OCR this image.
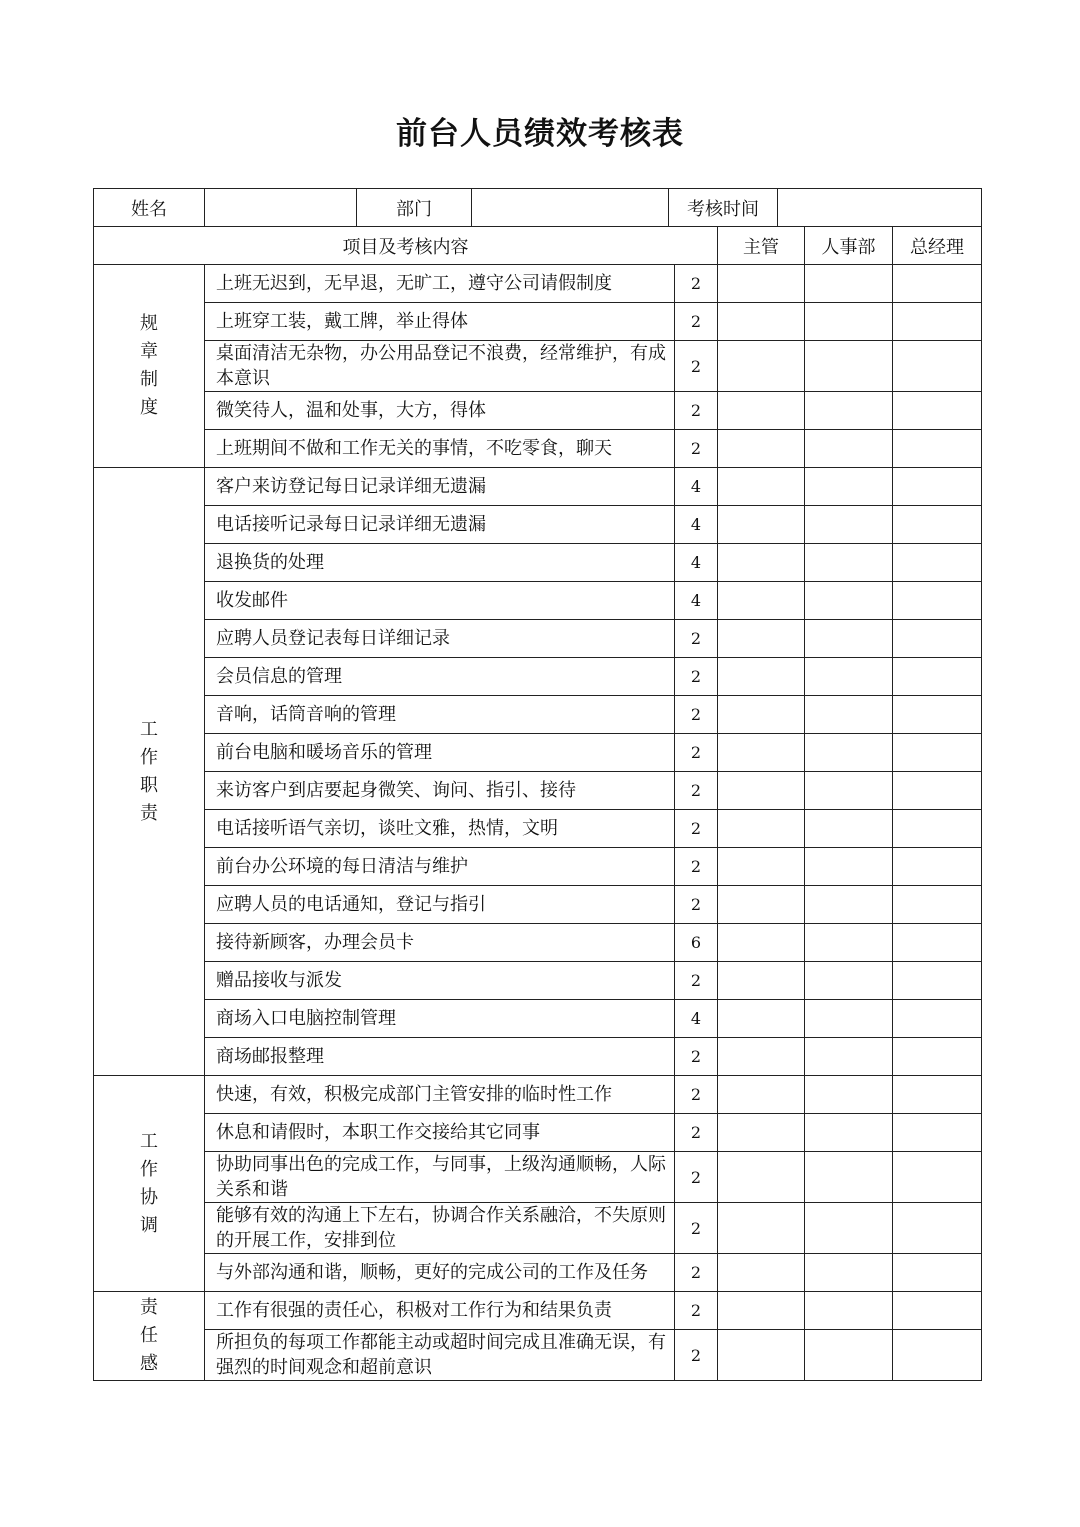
前台人员绩效考核表
姓名		部门		考核时间	
项目及考核内容			主管	人事部	总经理

规
章
制
度	上班无迟到，无早退，无旷工，遵守公司请假制度	2			
	上班穿工装，戴工牌，举止得体	2			
	桌面清洁无杂物，办公用品登记不浪费，经常维护，有成本意识	2			
	微笑待人，温和处事，大方，得体	2			
	上班期间不做和工作无关的事情，不吃零食，聊天	2			

工
作
职
责	客户来访登记每日记录详细无遗漏	4			
	电话接听记录每日记录详细无遗漏	4			
	退换货的处理	4			
	收发邮件	4			
	应聘人员登记表每日详细记录	2			
	会员信息的管理	2			
	音响，话筒音响的管理	2			
	前台电脑和暖场音乐的管理	2			
	来访客户到店要起身微笑、询问、指引、接待	2			
	电话接听语气亲切，谈吐文雅，热情，文明	2			
	前台办公环境的每日清洁与维护	2			
	应聘人员的电话通知，登记与指引	2			
	接待新顾客，办理会员卡	6			
	赠品接收与派发	2			
	商场入口电脑控制管理	4			
	商场邮报整理	2			

工
作
协
调	快速，有效，积极完成部门主管安排的临时性工作	2			
	休息和请假时，本职工作交接给其它同事	2			
	协助同事出色的完成工作，与同事，上级沟通顺畅，人际关系和谐	2			
	能够有效的沟通上下左右，协调合作关系融洽，不失原则的开展工作，安排到位	2			
	与外部沟通和谐，顺畅，更好的完成公司的工作及任务	2			

责
任
感	工作有很强的责任心，积极对工作行为和结果负责	2			
	所担负的每项工作都能主动或超时间完成且准确无误，有强烈的时间观念和超前意识	2			
